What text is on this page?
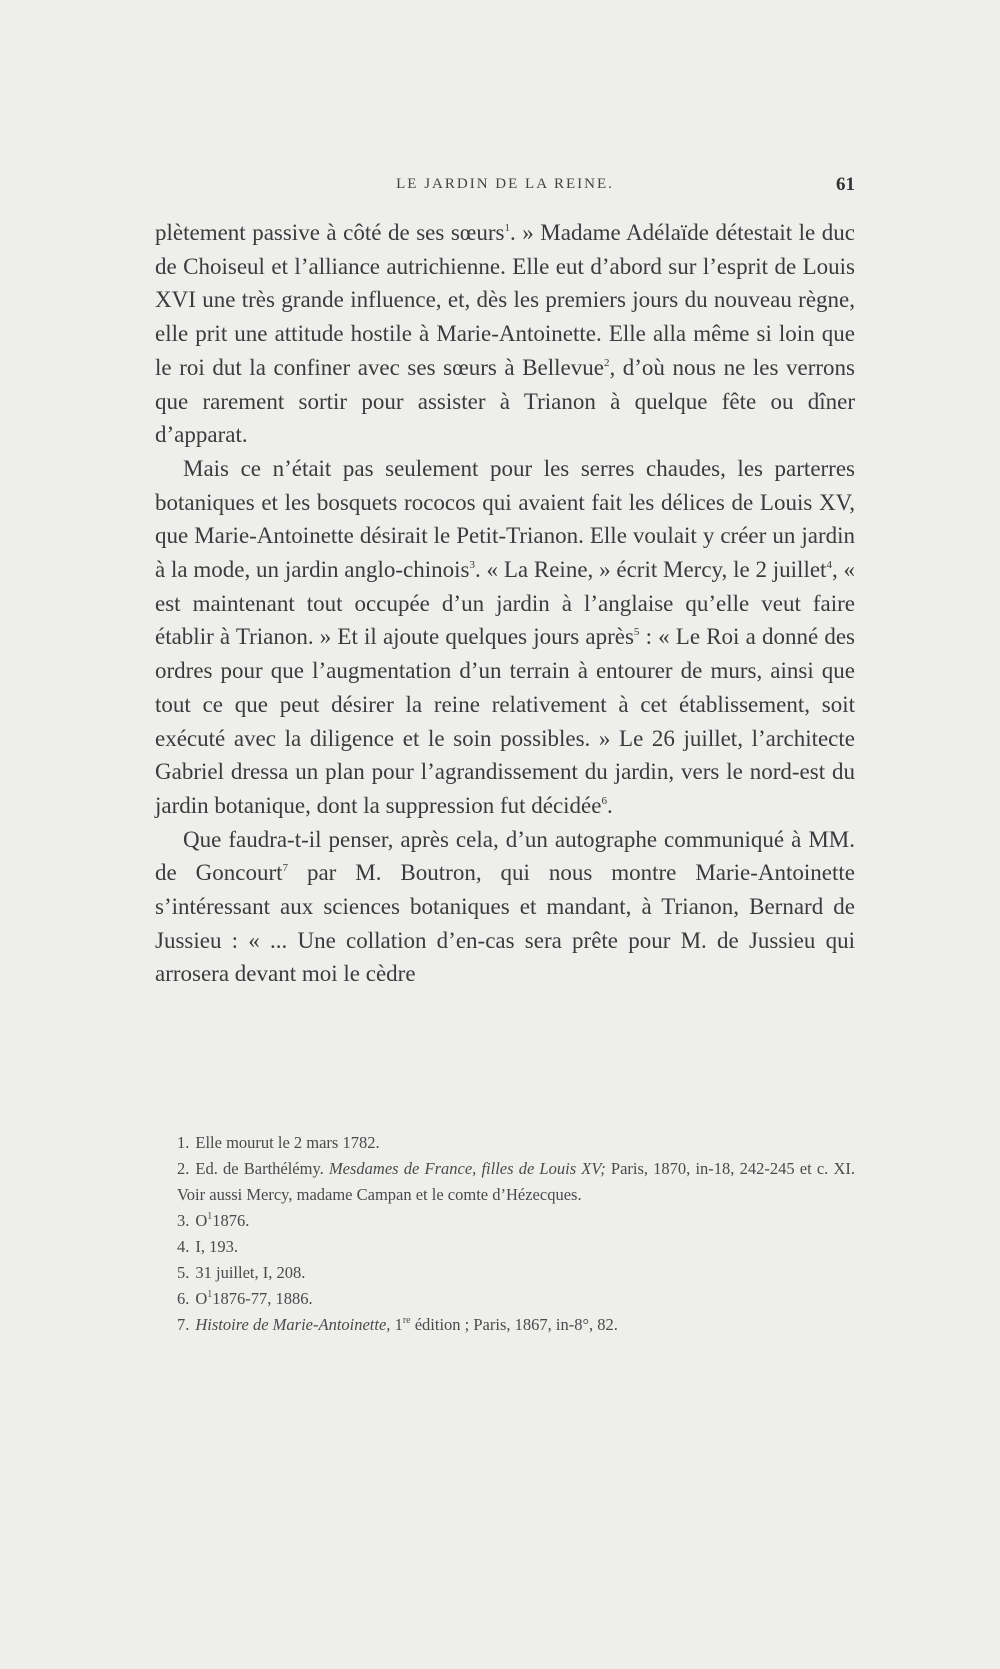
LE JARDIN DE LA REINE.	61

plètement passive à côté de ses sœurs$^1$. » Madame Adélaïde détestait le duc de Choiseul et l’alliance autrichienne. Elle eut d’abord sur l’esprit de Louis XVI une très grande influence, et, dès les premiers jours du nouveau règne, elle prit une attitude hostile à Marie-Antoinette. Elle alla même si loin que le roi dut la confiner avec ses sœurs à Bellevue$^2$, d’où nous ne les verrons que rarement sortir pour assister à Trianon à quelque fête ou dîner d’apparat.

Mais ce n’était pas seulement pour les serres chaudes, les parterres botaniques et les bosquets rococos qui avaient fait les délices de Louis XV, que Marie-Antoinette désirait le Petit-Trianon. Elle voulait y créer un jardin à la mode, un jardin anglo-chinois$^3$. « La Reine, » écrit Mercy, le 2 juillet$^4$, « est maintenant tout occupée d’un jardin à l’anglaise qu’elle veut faire établir à Trianon. » Et il ajoute quelques jours après$^5$ : « Le Roi a donné des ordres pour que l’augmentation d’un terrain à entourer de murs, ainsi que tout ce que peut désirer la reine relativement à cet établissement, soit exécuté avec la diligence et le soin possibles. » Le 26 juillet, l’architecte Gabriel dressa un plan pour l’agrandissement du jardin, vers le nord-est du jardin botanique, dont la suppression fut décidée$^6$.

Que faudra-t-il penser, après cela, d’un autographe communiqué à MM. de Goncourt$^7$ par M. Boutron, qui nous montre Marie-Antoinette s’intéressant aux sciences botaniques et mandant, à Trianon, Bernard de Jussieu : « ... Une collation d’en-cas sera prête pour M. de Jussieu qui arrosera devant moi le cèdre

1. Elle mourut le 2 mars 1782.
2. Ed. de Barthélémy. Mesdames de France, filles de Louis XV; Paris, 1870, in-18, 242-245 et c. XI. Voir aussi Mercy, madame Campan et le comte d’Hézecques.
3. $O^11876$.
4. I, 193.
5. 31 juillet, I, 208.
6. $O^11876-77$, 1886.
7. Histoire de Marie-Antoinette, 1re édition ; Paris, 1867, in-8°, 82.
